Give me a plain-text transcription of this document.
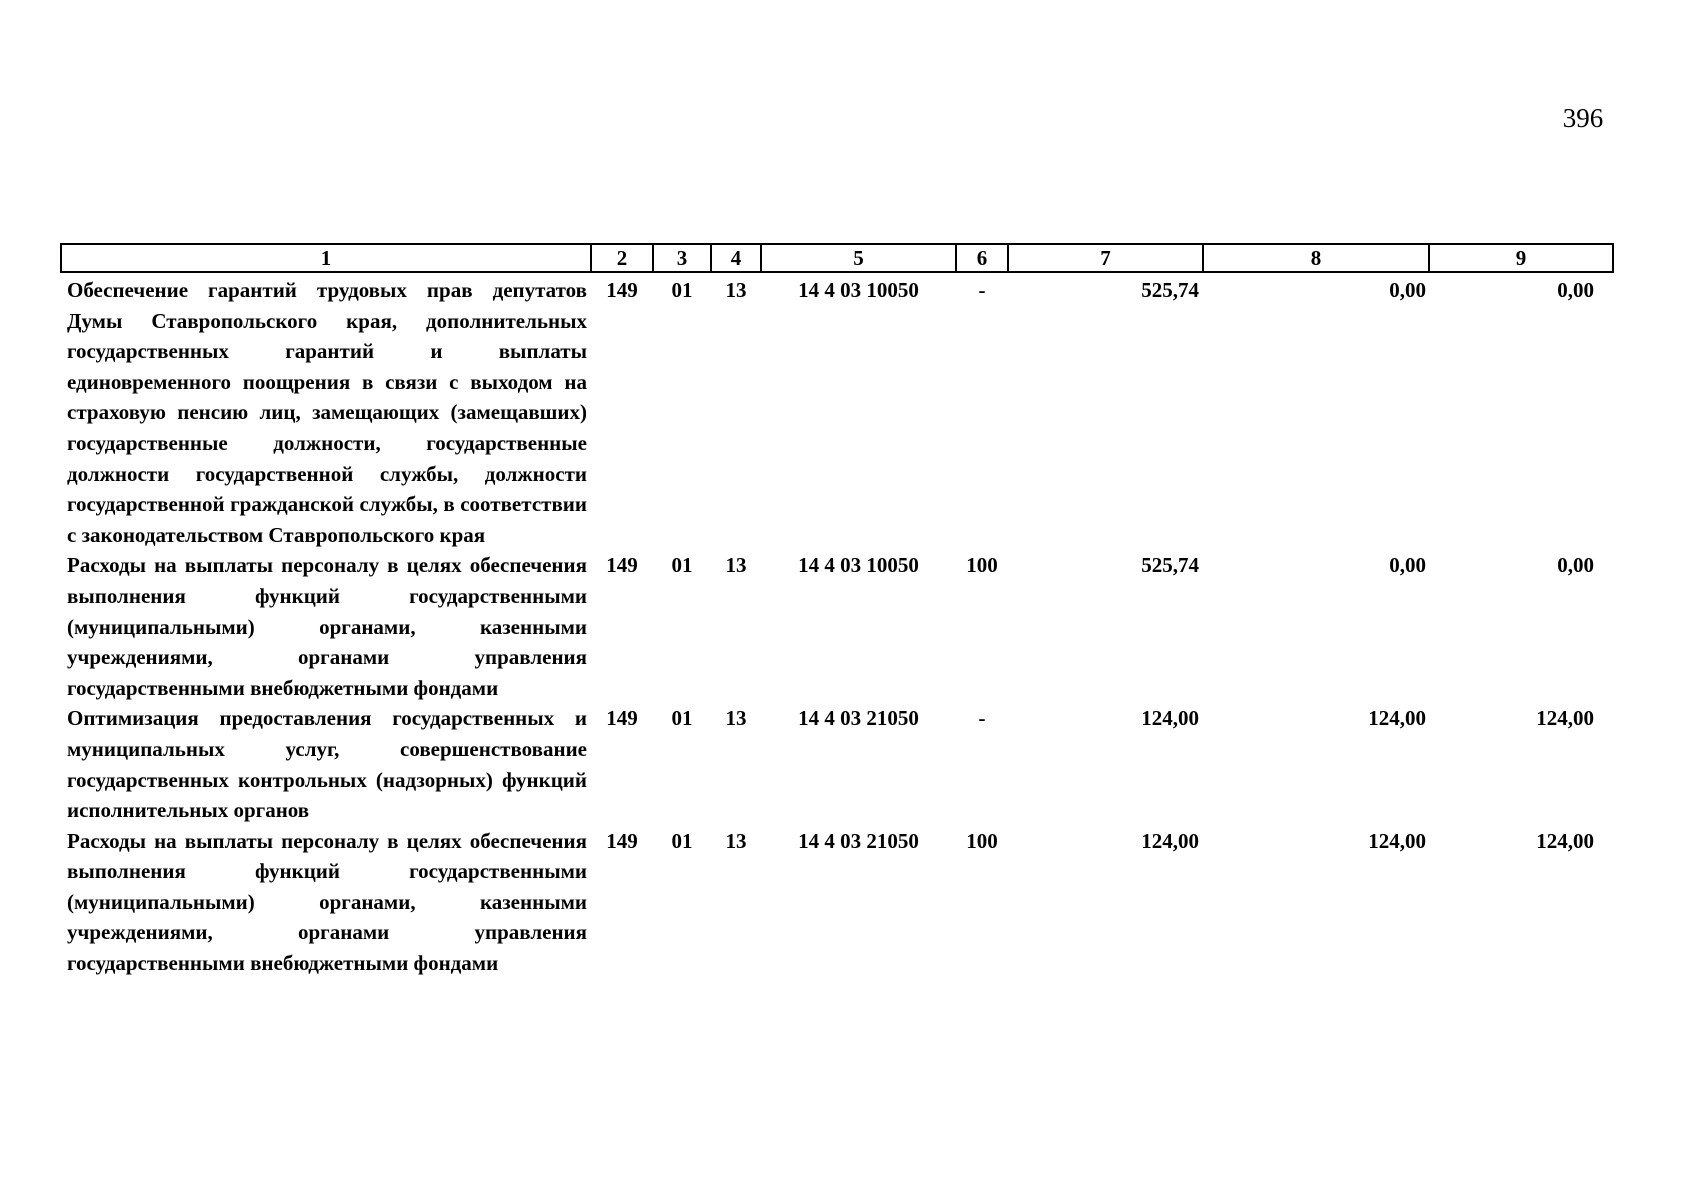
396
1	2	3	4	5	6	7	8	9
Обеспечение гарантий трудовых прав депутатов Думы Ставропольского края, дополнительных государственных гарантий и выплаты единовременного поощрения в связи с выходом на страховую пенсию лиц, замещающих (замещавших) государственные должности, государственные должности государственной службы, должности государственной гражданской службы, в соответствии с законодательством Ставропольского края	149	01	13	14 4 03 10050	-	525,74	0,00	0,00
Расходы на выплаты персоналу в целях обеспечения выполнения функций государственными (муниципальными) органами, казенными учреждениями, органами управления государственными внебюджетными фондами	149	01	13	14 4 03 10050	100	525,74	0,00	0,00
Оптимизация предоставления государственных и муниципальных услуг, совершенствование государственных контрольных (надзорных) функций исполнительных органов	149	01	13	14 4 03 21050	-	124,00	124,00	124,00
Расходы на выплаты персоналу в целях обеспечения выполнения функций государственными (муниципальными) органами, казенными учреждениями, органами управления государственными внебюджетными фондами	149	01	13	14 4 03 21050	100	124,00	124,00	124,00
